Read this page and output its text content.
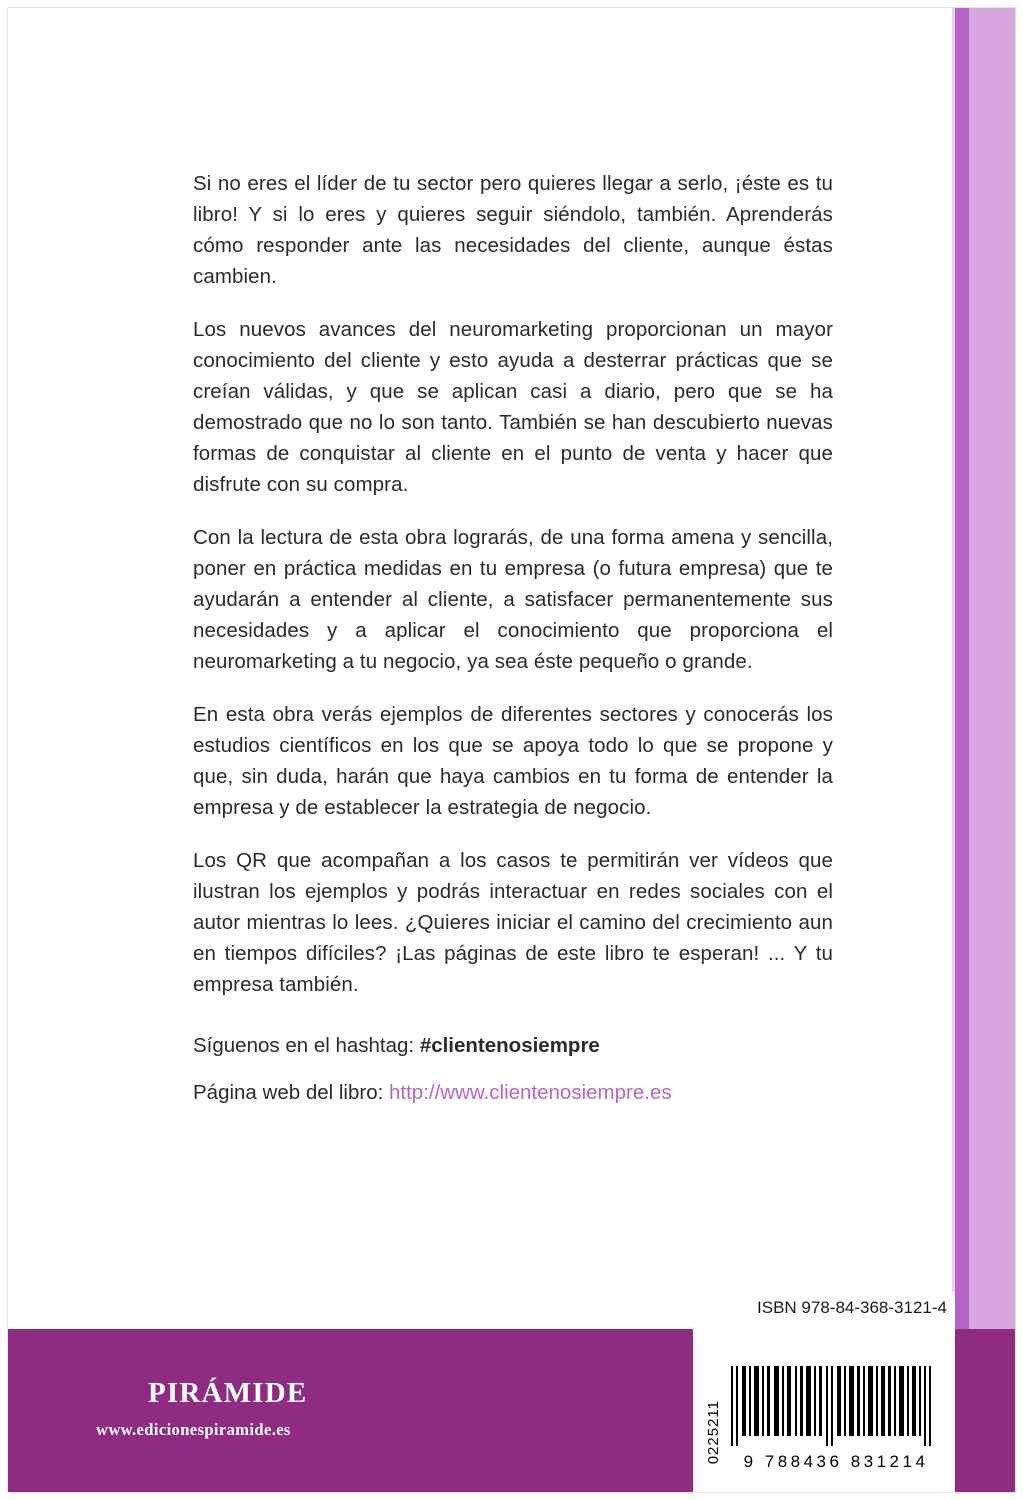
Si no eres el líder de tu sector pero quieres llegar a serlo, ¡éste es tu libro! Y si lo eres y quieres seguir siéndolo, también. Aprenderás cómo responder ante las necesidades del cliente, aunque éstas cambien.

Los nuevos avances del neuromarketing proporcionan un mayor conocimiento del cliente y esto ayuda a desterrar prácticas que se creían válidas, y que se aplican casi a diario, pero que se ha demostrado que no lo son tanto. También se han descubierto nuevas formas de conquistar al cliente en el punto de venta y hacer que disfrute con su compra.

Con la lectura de esta obra lograrás, de una forma amena y sencilla, poner en práctica medidas en tu empresa (o futura empresa) que te ayudarán a entender al cliente, a satisfacer permanentemente sus necesidades y a aplicar el conocimiento que proporciona el neuromarketing a tu negocio, ya sea éste pequeño o grande.

En esta obra verás ejemplos de diferentes sectores y conocerás los estudios científicos en los que se apoya todo lo que se propone y que, sin duda, harán que haya cambios en tu forma de entender la empresa y de establecer la estrategia de negocio.

Los QR que acompañan a los casos te permitirán ver vídeos que ilustran los ejemplos y podrás interactuar en redes sociales con el autor mientras lo lees. ¿Quieres iniciar el camino del crecimiento aun en tiempos difíciles? ¡Las páginas de este libro te esperan! ... Y tu empresa también.

Síguenos en el hashtag: #clientenosiempre
Página web del libro: http://www.clientenosiempre.es
PIRÁMIDE
www.edicionespiramide.es
ISBN 978-84-368-3121-4
9 788436 831214
0225211
